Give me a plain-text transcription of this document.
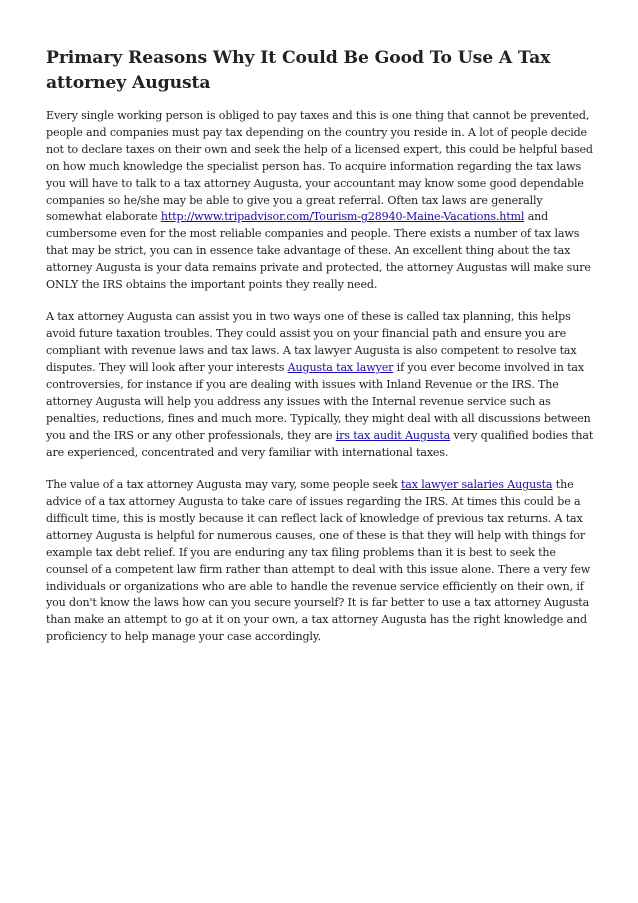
Primary Reasons Why It Could Be Good To Use A Tax attorney Augusta

Every single working person is obliged to pay taxes and this is one thing that cannot be prevented, people and companies must pay tax depending on the country you reside in. A lot of people decide not to declare taxes on their own and seek the help of a licensed expert, this could be helpful based on how much knowledge the specialist person has. To acquire information regarding the tax laws you will have to talk to a tax attorney Augusta, your accountant may know some good dependable companies so he/she may be able to give you a great referral. Often tax laws are generally somewhat elaborate http://www.tripadvisor.com/Tourism-g28940-Maine-Vacations.html and cumbersome even for the most reliable companies and people. There exists a number of tax laws that may be strict, you can in essence take advantage of these. An excellent thing about the tax attorney Augusta is your data remains private and protected, the attorney Augustas will make sure ONLY the IRS obtains the important points they really need.

A tax attorney Augusta can assist you in two ways one of these is called tax planning, this helps avoid future taxation troubles. They could assist you on your financial path and ensure you are compliant with revenue laws and tax laws. A tax lawyer Augusta is also competent to resolve tax disputes. They will look after your interests Augusta tax lawyer if you ever become involved in tax controversies, for instance if you are dealing with issues with Inland Revenue or the IRS. The attorney Augusta will help you address any issues with the Internal revenue service such as penalties, reductions, fines and much more. Typically, they might deal with all discussions between you and the IRS or any other professionals, they are irs tax audit Augusta very qualified bodies that are experienced, concentrated and very familiar with international taxes.

The value of a tax attorney Augusta may vary, some people seek tax lawyer salaries Augusta the advice of a tax attorney Augusta to take care of issues regarding the IRS. At times this could be a difficult time, this is mostly because it can reflect lack of knowledge of previous tax returns. A tax attorney Augusta is helpful for numerous causes, one of these is that they will help with things for example tax debt relief. If you are enduring any tax filing problems than it is best to seek the counsel of a competent law firm rather than attempt to deal with this issue alone. There a very few individuals or organizations who are able to handle the revenue service efficiently on their own, if you don't know the laws how can you secure yourself? It is far better to use a tax attorney Augusta than make an attempt to go at it on your own, a tax attorney Augusta has the right knowledge and proficiency to help manage your case accordingly.
